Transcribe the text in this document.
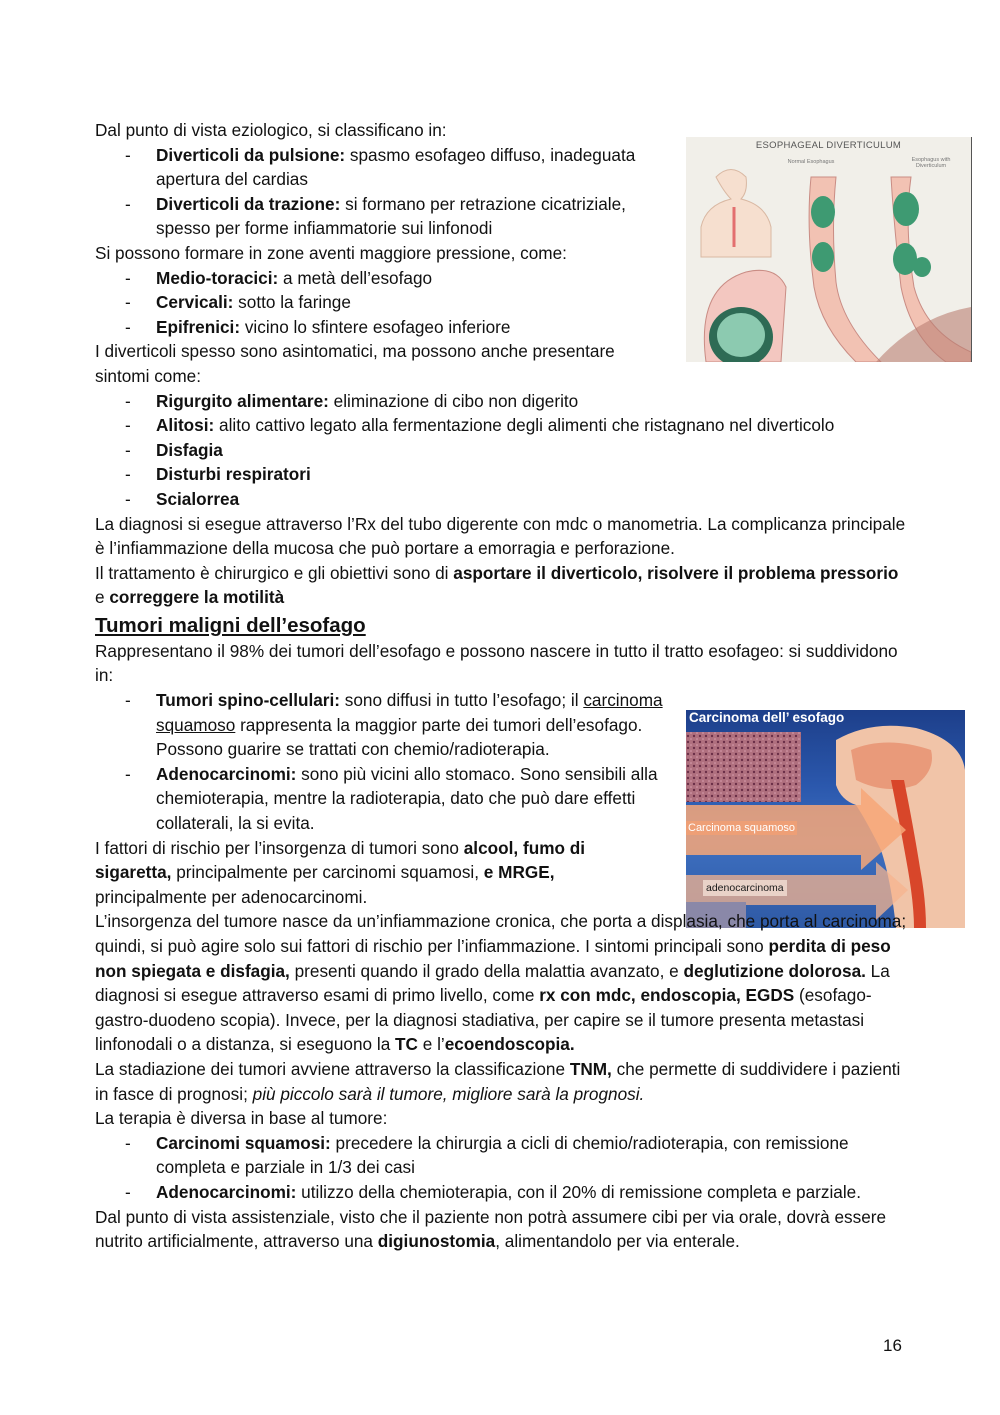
ESOPHAGEAL DIVERTICULUM
Normal Esophagus	Esophagus with Diverticulum
Carcinoma dell’ esofago
Carcinoma squamoso
adenocarcinoma

Dal punto di vista eziologico, si classificano in:

- Diverticoli da pulsione: spasmo esofageo diffuso, inadeguata apertura del cardias
- Diverticoli da trazione: si formano per retrazione cicatriziale, spesso per forme infiammatorie sui linfonodi

Si possono formare in zone aventi maggiore pressione, come:

- Medio-toracici: a metà dell’esofago
- Cervicali: sotto la faringe
- Epifrenici: vicino lo sfintere esofageo inferiore

I diverticoli spesso sono asintomatici, ma possono anche presentare sintomi come:

- Rigurgito alimentare: eliminazione di cibo non digerito
- Alitosi: alito cattivo legato alla fermentazione degli alimenti che ristagnano nel diverticolo
- Disfagia
- Disturbi respiratori
- Scialorrea

La diagnosi si esegue attraverso l’Rx del tubo digerente con mdc o manometria. La complicanza principale è l’infiammazione della mucosa che può portare a emorragia e perforazione.

Il trattamento è chirurgico e gli obiettivi sono di asportare il diverticolo, risolvere il problema pressorio e correggere la motilità

Tumori maligni dell’esofago

Rappresentano il 98% dei tumori dell’esofago e possono nascere in tutto il tratto esofageo: si suddividono in:

- Tumori spino-cellulari: sono diffusi in tutto l’esofago; il carcinoma squamoso rappresenta la maggior parte dei tumori dell’esofago. Possono guarire se trattati con chemio/radioterapia.
- Adenocarcinomi: sono più vicini allo stomaco. Sono sensibili alla chemioterapia, mentre la radioterapia, dato che può dare effetti collaterali, la si evita.

I fattori di rischio per l’insorgenza di tumori sono alcool, fumo di sigaretta, principalmente per carcinomi squamosi, e MRGE, principalmente per adenocarcinomi.

L’insorgenza del tumore nasce da un’infiammazione cronica, che porta a displasia, che porta al carcinoma; quindi, si può agire solo sui fattori di rischio per l’infiammazione. I sintomi principali sono perdita di peso non spiegata e disfagia, presenti quando il grado della malattia avanzato, e deglutizione dolorosa. La diagnosi si esegue attraverso esami di primo livello, come rx con mdc, endoscopia, EGDS (esofago-gastro-duodeno scopia). Invece, per la diagnosi stadiativa, per capire se il tumore presenta metastasi linfonodali o a distanza, si eseguono la TC e l’ecoendoscopia.

La stadiazione dei tumori avviene attraverso la classificazione TNM, che permette di suddividere i pazienti in fasce di prognosi; più piccolo sarà il tumore, migliore sarà la prognosi.

La terapia è diversa in base al tumore:

- Carcinomi squamosi: precedere la chirurgia a cicli di chemio/radioterapia, con remissione completa e parziale in 1/3 dei casi
- Adenocarcinomi: utilizzo della chemioterapia, con il 20% di remissione completa e parziale.

Dal punto di vista assistenziale, visto che il paziente non potrà assumere cibi per via orale, dovrà essere nutrito artificialmente, attraverso una digiunostomia, alimentandolo per via enterale.

16
